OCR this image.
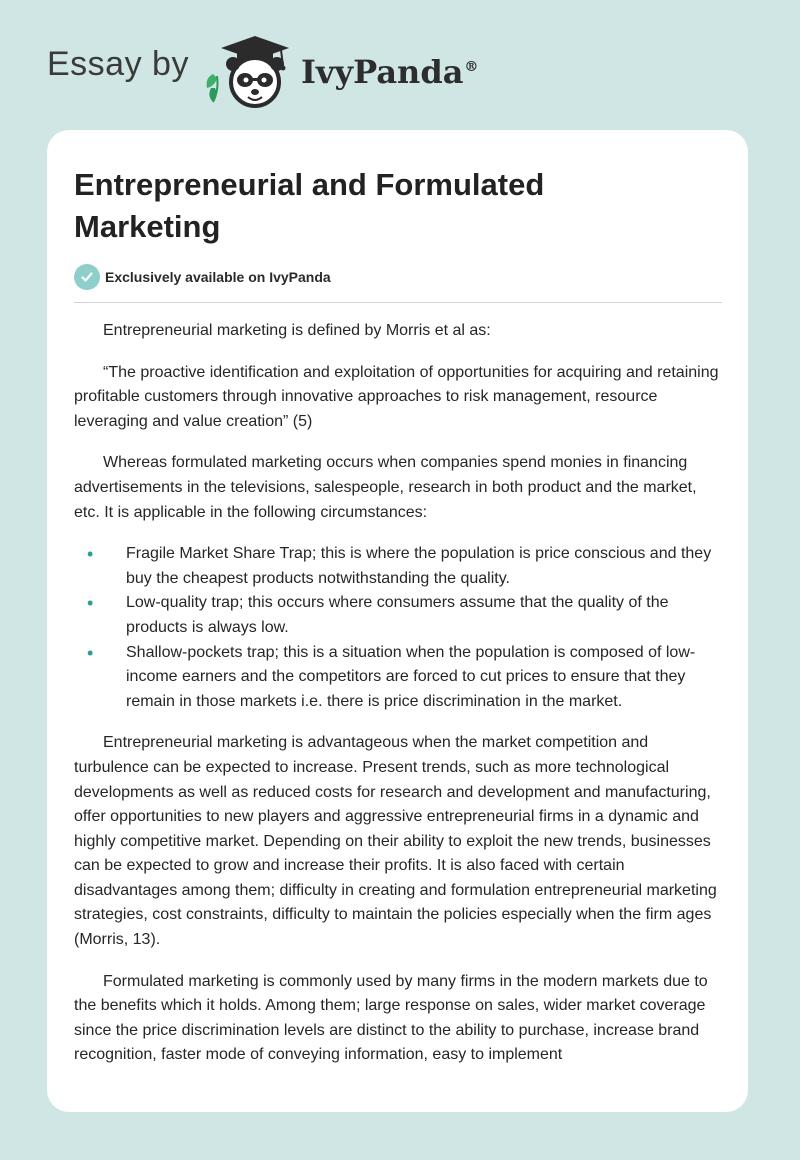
Essay by	IvyPanda®
Entrepreneurial and Formulated Marketing
Exclusively available on IvyPanda

Entrepreneurial marketing is defined by Morris et al as:

“The proactive identification and exploitation of opportunities for acquiring and retaining profitable customers through innovative approaches to risk management, resource leveraging and value creation” (5)

Whereas formulated marketing occurs when companies spend monies in financing advertisements in the televisions, salespeople, research in both product and the market, etc. It is applicable in the following circumstances:

• Fragile Market Share Trap; this is where the population is price conscious and they buy the cheapest products notwithstanding the quality.
• Low-quality trap; this occurs where consumers assume that the quality of the products is always low.
• Shallow-pockets trap; this is a situation when the population is composed of low-income earners and the competitors are forced to cut prices to ensure that they remain in those markets i.e. there is price discrimination in the market.

Entrepreneurial marketing is advantageous when the market competition and turbulence can be expected to increase. Present trends, such as more technological developments as well as reduced costs for research and development and manufacturing, offer opportunities to new players and aggressive entrepreneurial firms in a dynamic and highly competitive market. Depending on their ability to exploit the new trends, businesses can be expected to grow and increase their profits. It is also faced with certain disadvantages among them; difficulty in creating and formulation entrepreneurial marketing strategies, cost constraints, difficulty to maintain the policies especially when the firm ages (Morris, 13).

Formulated marketing is commonly used by many firms in the modern markets due to the benefits which it holds. Among them; large response on sales, wider market coverage since the price discrimination levels are distinct to the ability to purchase, increase brand recognition, faster mode of conveying information, easy to implement
